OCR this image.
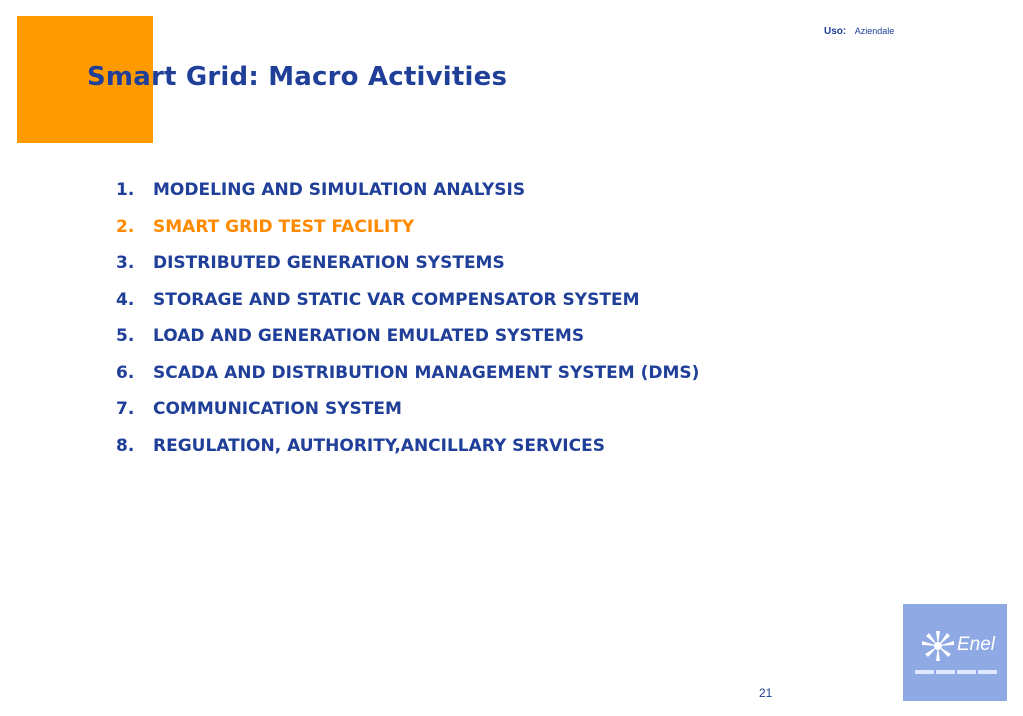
Uso: Aziendale
Smart Grid: Macro Activities
1.	MODELING AND SIMULATION ANALYSIS
2.	SMART GRID TEST FACILITY
3.	DISTRIBUTED GENERATION SYSTEMS
4.	STORAGE AND STATIC VAR COMPENSATOR SYSTEM
5.	LOAD AND GENERATION EMULATED SYSTEMS
6.	SCADA AND DISTRIBUTION MANAGEMENT SYSTEM (DMS)
7.	COMMUNICATION SYSTEM
8.	REGULATION, AUTHORITY,ANCILLARY SERVICES
Enel
21
